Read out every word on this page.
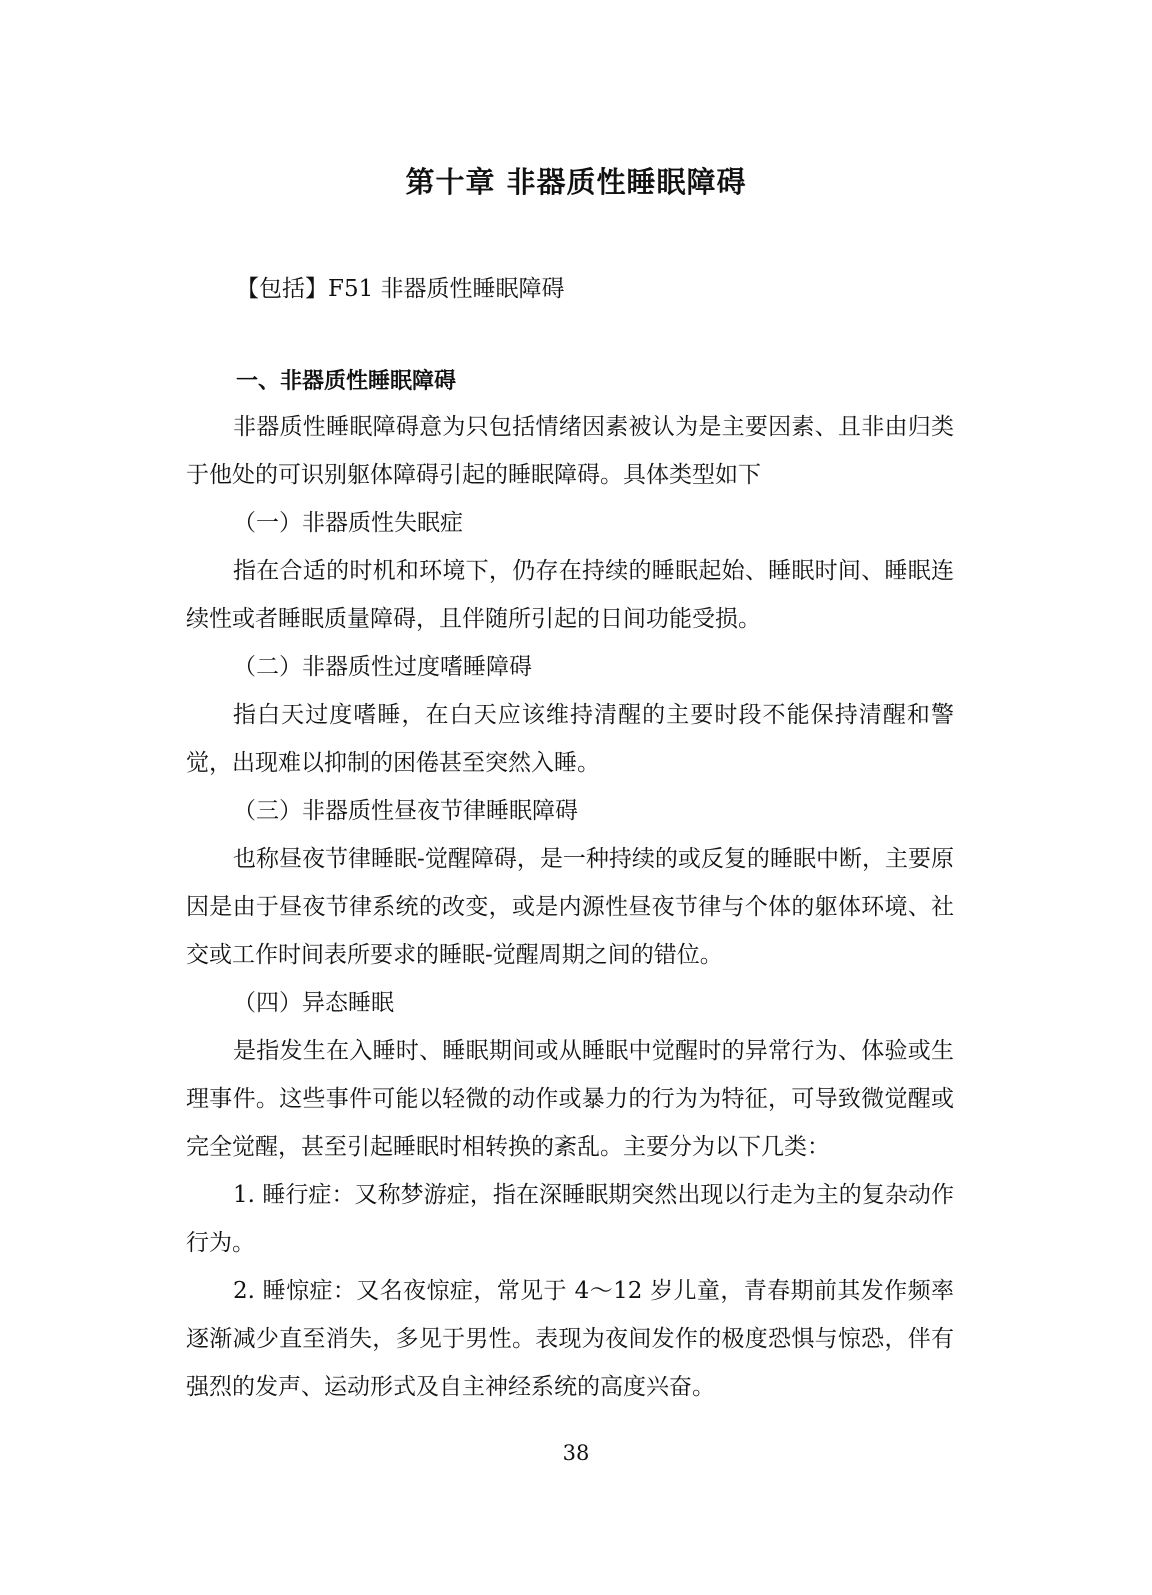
第十章 非器质性睡眠障碍

【包括】F51 非器质性睡眠障碍

一、非器质性睡眠障碍

非器质性睡眠障碍意为只包括情绪因素被认为是主要因素、且非由归类于他处的可识别躯体障碍引起的睡眠障碍。具体类型如下

（一）非器质性失眠症

指在合适的时机和环境下，仍存在持续的睡眠起始、睡眠时间、睡眠连续性或者睡眠质量障碍，且伴随所引起的日间功能受损。

（二）非器质性过度嗜睡障碍

指白天过度嗜睡，在白天应该维持清醒的主要时段不能保持清醒和警觉，出现难以抑制的困倦甚至突然入睡。

（三）非器质性昼夜节律睡眠障碍

也称昼夜节律睡眠-觉醒障碍，是一种持续的或反复的睡眠中断，主要原因是由于昼夜节律系统的改变，或是内源性昼夜节律与个体的躯体环境、社交或工作时间表所要求的睡眠-觉醒周期之间的错位。

（四）异态睡眠

是指发生在入睡时、睡眠期间或从睡眠中觉醒时的异常行为、体验或生理事件。这些事件可能以轻微的动作或暴力的行为为特征，可导致微觉醒或完全觉醒，甚至引起睡眠时相转换的紊乱。主要分为以下几类：

1. 睡行症：又称梦游症，指在深睡眠期突然出现以行走为主的复杂动作行为。

2. 睡惊症：又名夜惊症，常见于 4～12 岁儿童，青春期前其发作频率逐渐减少直至消失，多见于男性。表现为夜间发作的极度恐惧与惊恐，伴有强烈的发声、运动形式及自主神经系统的高度兴奋。

38
